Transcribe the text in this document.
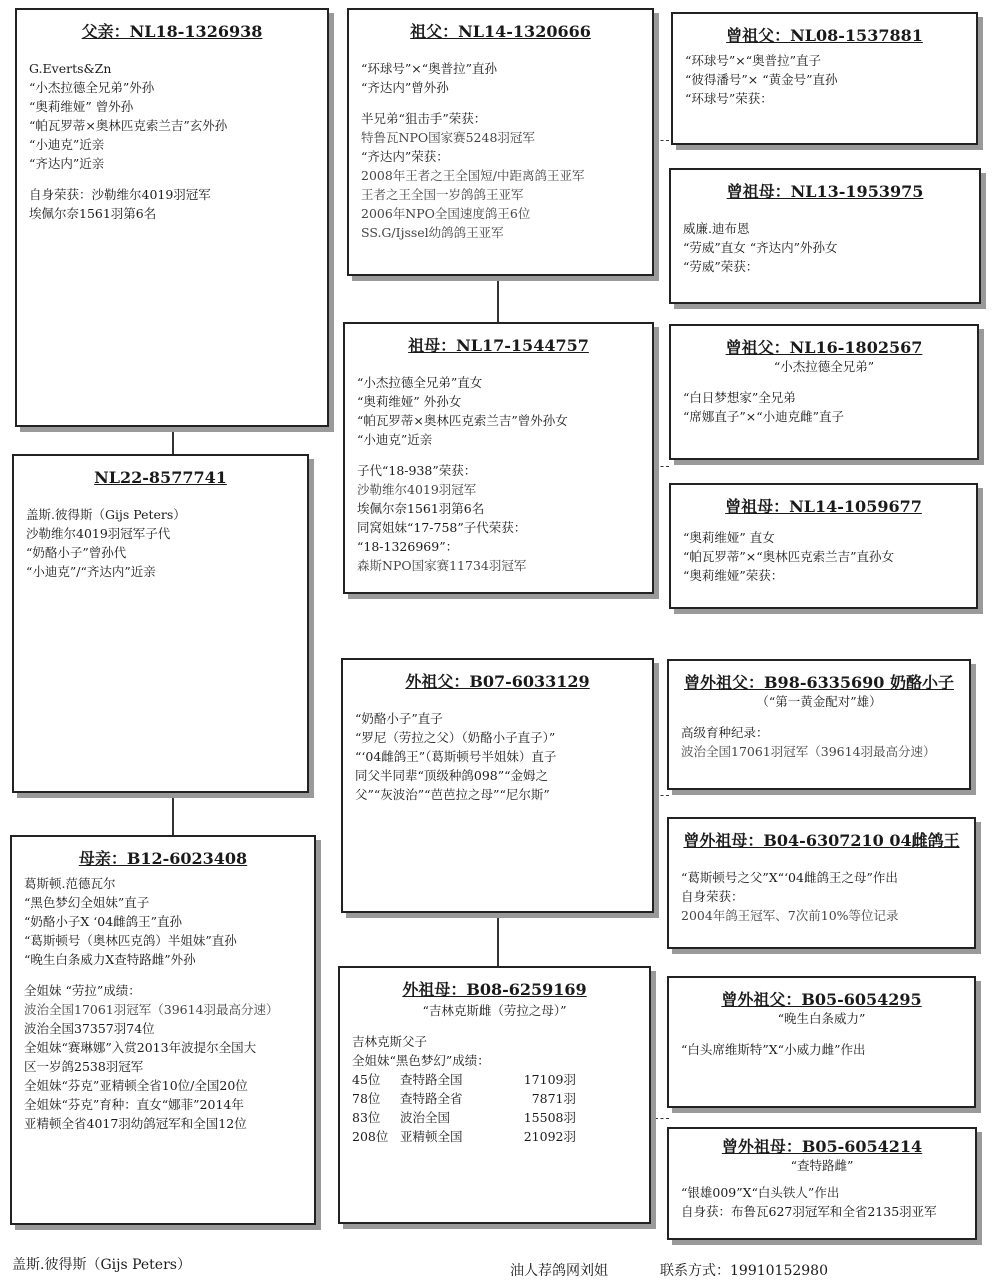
父亲：NL18-1326938
G.Everts&Zn
“小杰拉德全兄弟”外孙
“奥莉维娅” 曾外孙
“帕瓦罗蒂×奥林匹克索兰吉”玄外孙
“小迪克”近亲
“齐达内”近亲
自身荣获：沙勒维尔4019羽冠军
埃佩尔奈1561羽第6名
NL22-8577741
盖斯.彼得斯（Gijs Peters）
沙勒维尔4019羽冠军子代
“奶酪小子”曾孙代
“小迪克”/“齐达内”近亲
母亲：B12-6023408
葛斯顿.范德瓦尔
“黑色梦幻全姐妹”直子
“奶酪小子X ‘04雌鸽王”直孙
“葛斯顿号（奥林匹克鸽）半姐妹”直孙
“晚生白条威力X查特路雌”外孙
全姐妹 “劳拉”成绩：
波治全国17061羽冠军（39614羽最高分速）
波治全国37357羽74位
全姐妹“赛琳娜”入赏2013年波提尔全国大
区一岁鸽2538羽冠军
全姐妹“芬克”亚精顿全省10位/全国20位
全姐妹“芬克”育种：直女“娜菲”2014年
亚精顿全省4017羽幼鸽冠军和全国12位
祖父：NL14-1320666
“环球号”×“奥普拉”直孙
“齐达内”曾外孙
半兄弟“狙击手”荣获：
特鲁瓦NPO国家赛5248羽冠军
“齐达内”荣获：
2008年王者之王全国短/中距离鸽王亚军
王者之王全国一岁鸽鸽王亚军
2006年NPO全国速度鸽王6位
SS.G/Ijssel幼鸽鸽王亚军
祖母：NL17-1544757
“小杰拉德全兄弟”直女
“奥莉维娅” 外孙女
“帕瓦罗蒂×奥林匹克索兰吉”曾外孙女
“小迪克”近亲
子代“18-938”荣获：
沙勒维尔4019羽冠军
埃佩尔奈1561羽第6名
同窝姐妹“17-758”子代荣获：
“18-1326969”：
森斯NPO国家赛11734羽冠军
外祖父：B07-6033129
“奶酪小子”直子
“罗尼（劳拉之父）（奶酪小子直子）”
“‘04雌鸽王”（葛斯顿号半姐妹）直子
同父半同辈“顶级种鸽098”“金姆之
父”“灰波治”“芭芭拉之母”“尼尔斯”
外祖母：B08-6259169
“吉林克斯雌（劳拉之母）”
吉林克斯父子
全姐妹“黑色梦幻”成绩：
45位	查特路全国	17109羽
78位	查特路全省	7871羽
83位	波治全国	15508羽
208位 亚精顿全国	21092羽
曾祖父：NL08-1537881
“环球号”×“奥普拉”直子
“彼得潘号”× “黄金号”直孙
“环球号”荣获：
曾祖母：NL13-1953975
威廉.迪布恩
“劳威”直女 “齐达内”外孙女
“劳威”荣获：
曾祖父：NL16-1802567
“小杰拉德全兄弟”
“白日梦想家”全兄弟
“席娜直子”×“小迪克雌”直子
曾祖母：NL14-1059677
“奥莉维娅” 直女
“帕瓦罗蒂”×“奥林匹克索兰吉”直孙女
“奥莉维娅”荣获：
曾外祖父：B98-6335690 奶酪小子
（“第一黄金配对”雄）
高级育种纪录：
波治全国17061羽冠军（39614羽最高分速）
曾外祖母：B04-6307210 04雌鸽王
“葛斯顿号之父”X“‘04雌鸽王之母”作出
自身荣获：
2004年鸽王冠军、7次前10%等位记录
曾外祖父：B05-6054295
“晚生白条威力”
“白头席维斯特”X“小威力雌”作出
曾外祖母：B05-6054214
“查特路雌”
“银雄009”X“白头铁人”作出
自身获：布鲁瓦627羽冠军和全省2135羽亚军
盖斯.彼得斯（Gijs Peters）	油人荐鸽网刘姐	联系方式：19910152980
